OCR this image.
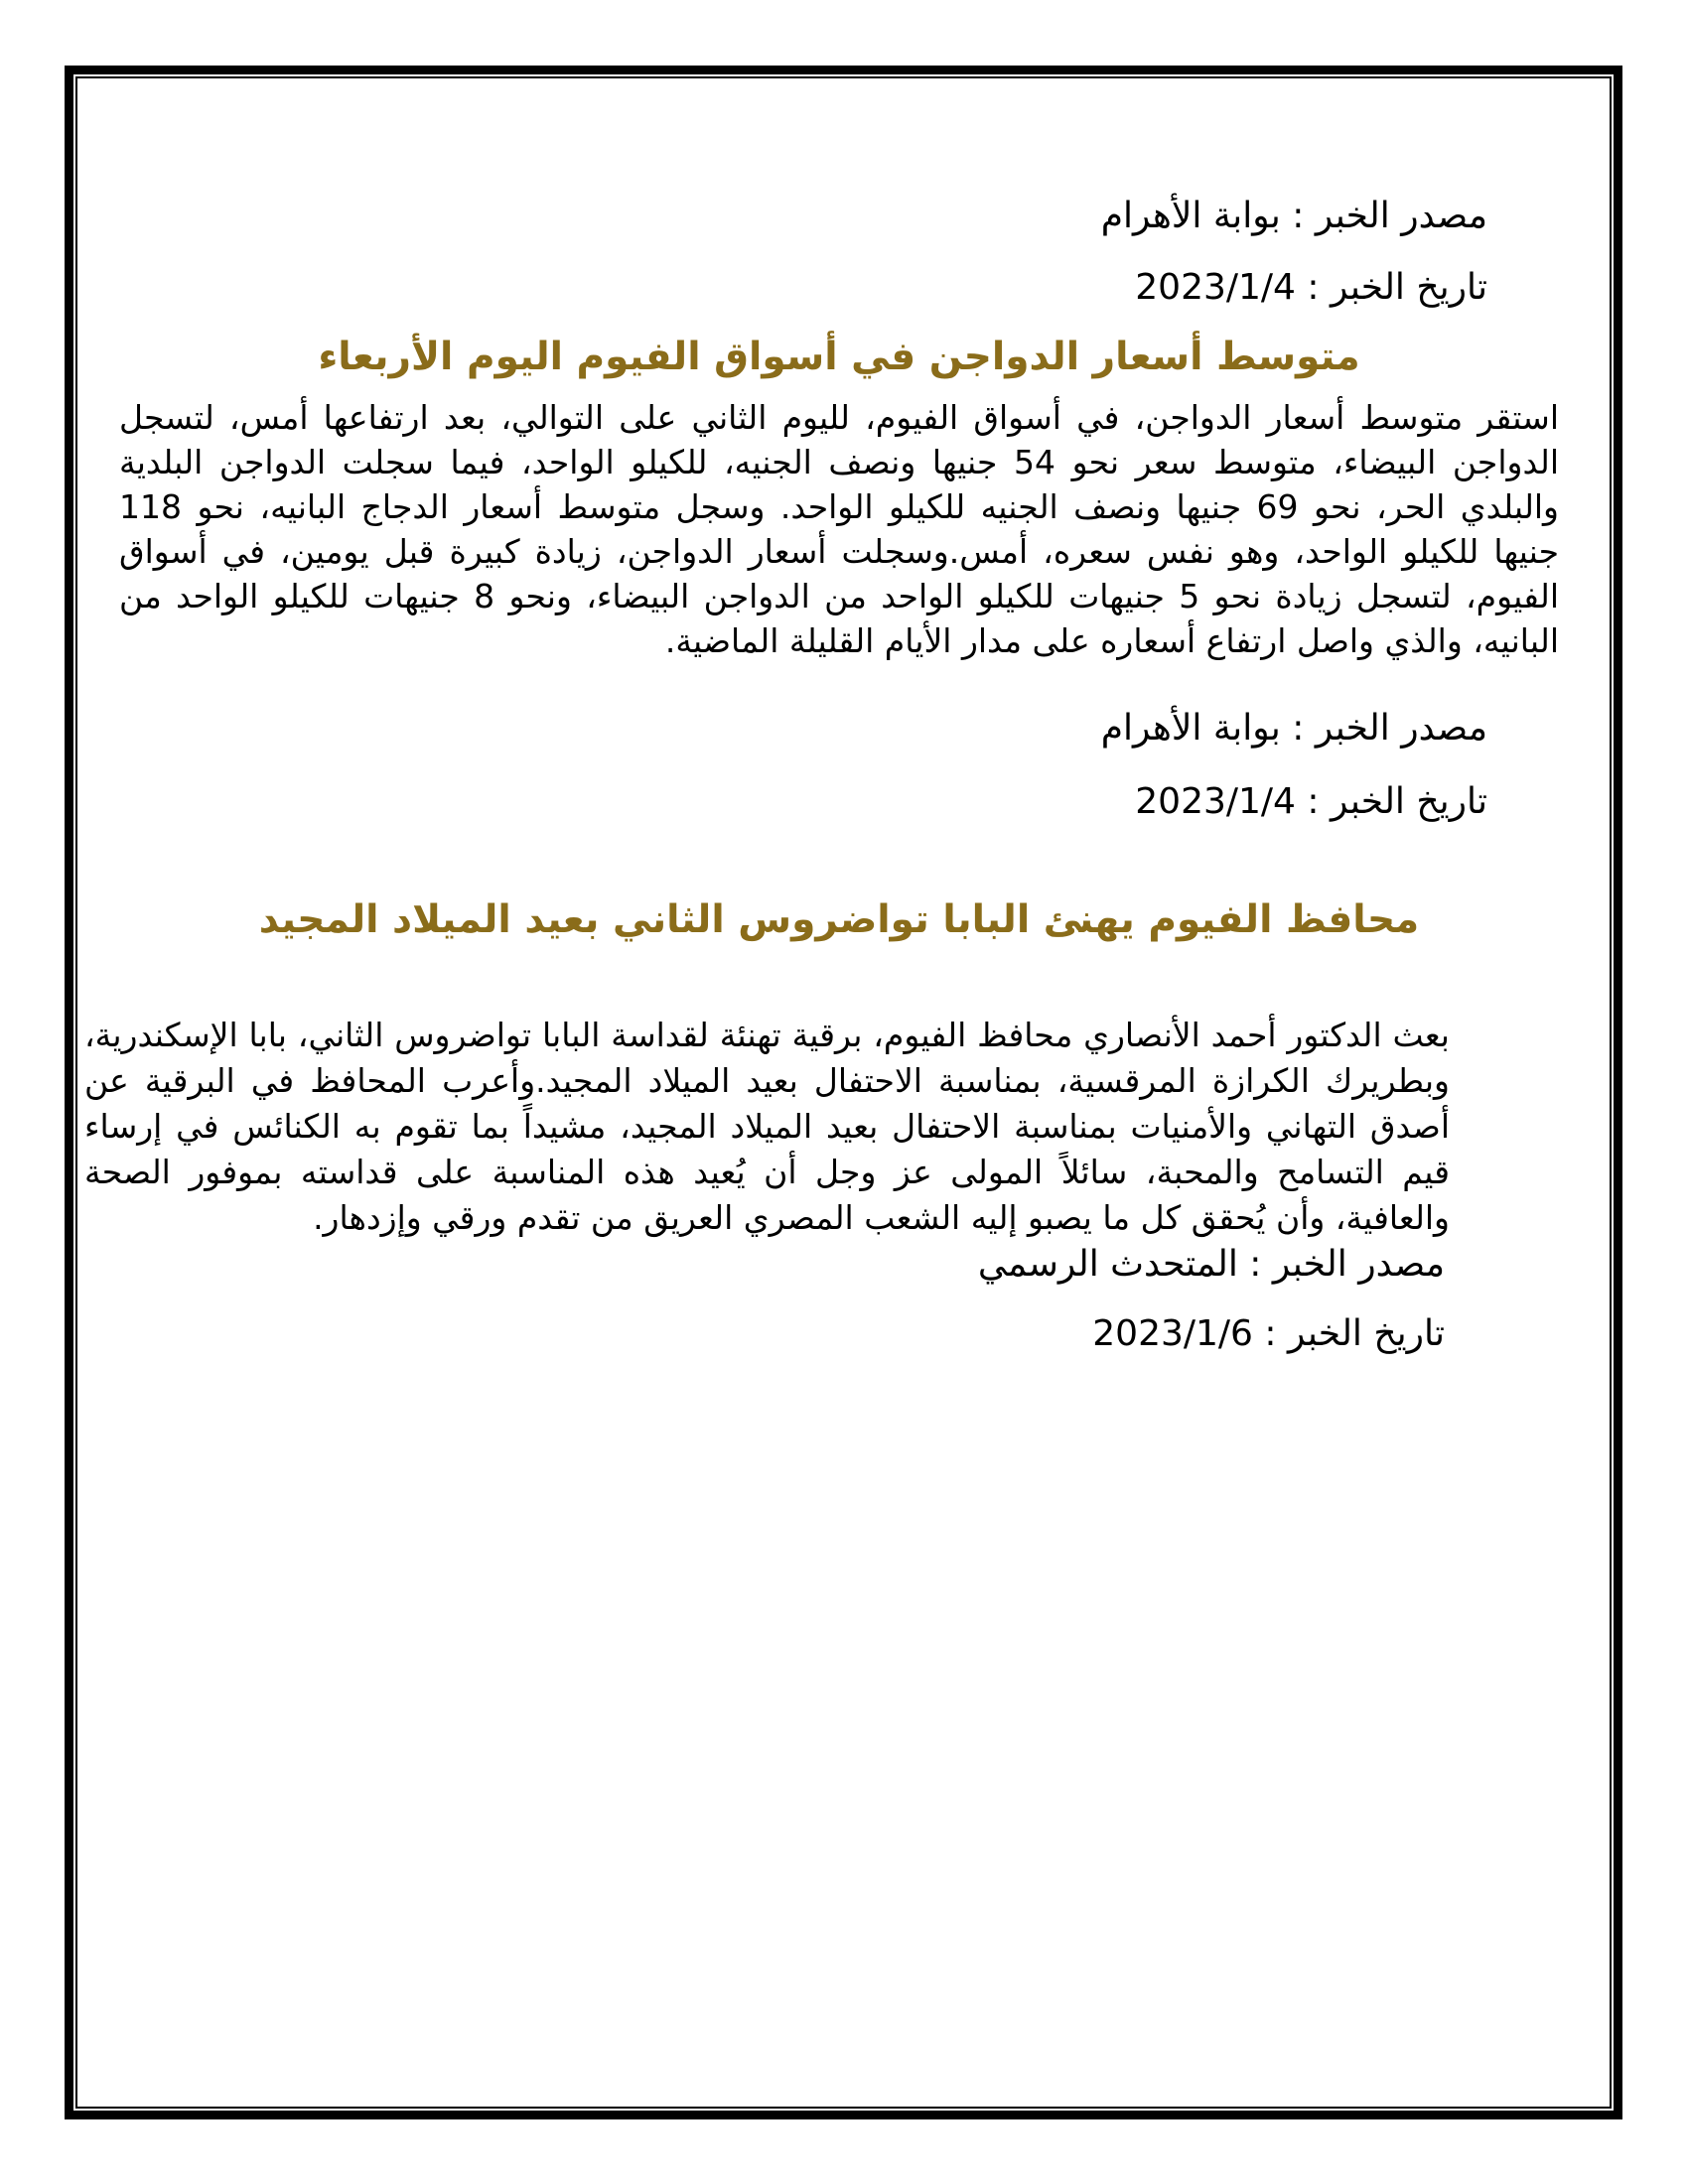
مصدر الخبر : بوابة الأهرام
تاريخ الخبر : 2023/1/4
متوسط أسعار الدواجن في أسواق الفيوم اليوم الأربعاء
استقر متوسط أسعار الدواجن، في أسواق الفيوم، لليوم الثاني على التوالي، بعد ارتفاعها أمس، لتسجل الدواجن البيضاء، متوسط سعر نحو 54 جنيها ونصف الجنيه، للكيلو الواحد، فيما سجلت الدواجن البلدية والبلدي الحر، نحو 69 جنيها ونصف الجنيه للكيلو الواحد. وسجل متوسط أسعار الدجاج البانيه، نحو 118 جنيها للكيلو الواحد، وهو نفس سعره، أمس.وسجلت أسعار الدواجن، زيادة كبيرة قبل يومين، في أسواق الفيوم، لتسجل زيادة نحو 5 جنيهات للكيلو الواحد من الدواجن البيضاء، ونحو 8 جنيهات للكيلو الواحد من البانيه، والذي واصل ارتفاع أسعاره على مدار الأيام القليلة الماضية.
مصدر الخبر : بوابة الأهرام
تاريخ الخبر : 2023/1/4
محافظ الفيوم يهنئ البابا تواضروس الثاني بعيد الميلاد المجيد
بعث الدكتور أحمد الأنصاري محافظ الفيوم، برقية تهنئة لقداسة البابا تواضروس الثاني، بابا الإسكندرية، وبطريرك الكرازة المرقسية، بمناسبة الاحتفال بعيد الميلاد المجيد.وأعرب المحافظ في البرقية عن أصدق التهاني والأمنيات بمناسبة الاحتفال بعيد الميلاد المجيد، مشيداً بما تقوم به الكنائس في إرساء قيم التسامح والمحبة، سائلاً المولى عز وجل أن يُعيد هذه المناسبة على قداسته بموفور الصحة والعافية، وأن يُحقق كل ما يصبو إليه الشعب المصري العريق من تقدم ورقي وإزدهار.
مصدر الخبر : المتحدث الرسمي
تاريخ الخبر : 2023/1/6
